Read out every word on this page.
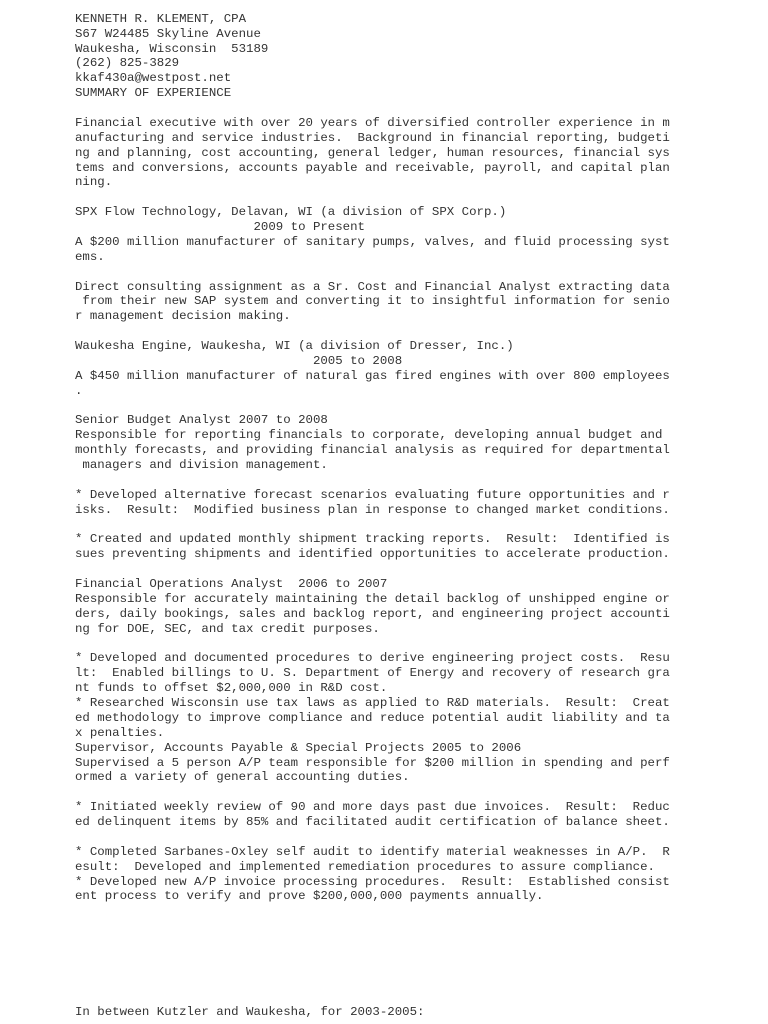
KENNETH R. KLEMENT, CPA
S67 W24485 Skyline Avenue
Waukesha, Wisconsin  53189
(262) 825-3829
kkaf430a@westpost.net
SUMMARY OF EXPERIENCE
Financial executive with over 20 years of diversified controller experience in m
anufacturing and service industries.  Background in financial reporting, budgeti
ng and planning, cost accounting, general ledger, human resources, financial sys
tems and conversions, accounts payable and receivable, payroll, and capital plan
ning.
SPX Flow Technology, Delavan, WI (a division of SPX Corp.)
2009 to Present
A $200 million manufacturer of sanitary pumps, valves, and fluid processing syst
ems.
Direct consulting assignment as a Sr. Cost and Financial Analyst extracting data
from their new SAP system and converting it to insightful information for senio
r management decision making.
Waukesha Engine, Waukesha, WI (a division of Dresser, Inc.)
2005 to 2008
A $450 million manufacturer of natural gas fired engines with over 800 employees
.
Senior Budget Analyst 2007 to 2008
Responsible for reporting financials to corporate, developing annual budget and
monthly forecasts, and providing financial analysis as required for departmental
managers and division management.
* Developed alternative forecast scenarios evaluating future opportunities and r
isks.  Result:  Modified business plan in response to changed market conditions.
* Created and updated monthly shipment tracking reports.  Result:  Identified is
sues preventing shipments and identified opportunities to accelerate production.
Financial Operations Analyst  2006 to 2007
Responsible for accurately maintaining the detail backlog of unshipped engine or
ders, daily bookings, sales and backlog report, and engineering project accounti
ng for DOE, SEC, and tax credit purposes.
* Developed and documented procedures to derive engineering project costs.  Resu
lt:  Enabled billings to U. S. Department of Energy and recovery of research gra
nt funds to offset $2,000,000 in R&D cost.
* Researched Wisconsin use tax laws as applied to R&D materials.  Result:  Creat
ed methodology to improve compliance and reduce potential audit liability and ta
x penalties.
Supervisor, Accounts Payable & Special Projects 2005 to 2006
Supervised a 5 person A/P team responsible for $200 million in spending and perf
ormed a variety of general accounting duties.
* Initiated weekly review of 90 and more days past due invoices.  Result:  Reduc
ed delinquent items by 85% and facilitated audit certification of balance sheet.
* Completed Sarbanes-Oxley self audit to identify material weaknesses in A/P.  R
esult:  Developed and implemented remediation procedures to assure compliance.
* Developed new A/P invoice processing procedures.  Result:  Established consist
ent process to verify and prove $200,000,000 payments annually.
In between Kutzler and Waukesha, for 2003-2005:
